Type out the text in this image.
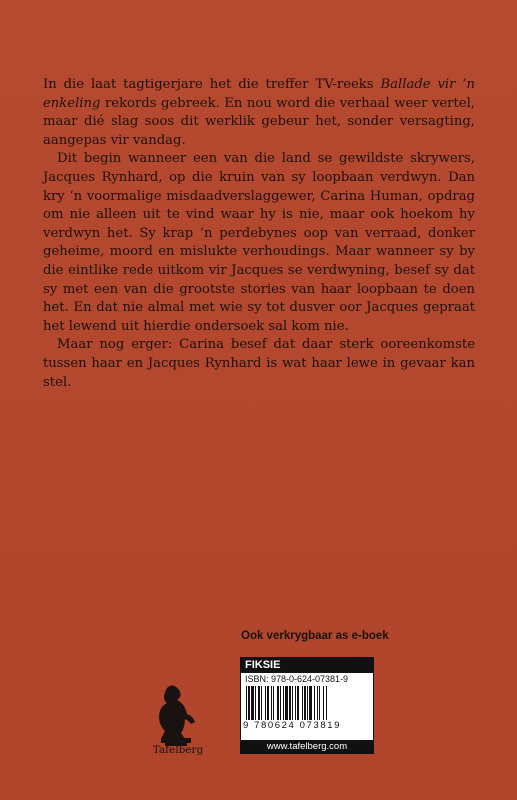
In die laat tagtigerjare het die treffer TV-reeks Ballade vir ’n enkeling rekords gebreek. En nou word die verhaal weer vertel, maar dié slag soos dit werklik gebeur het, sonder versagting, aangepas vir vandag.

Dit begin wanneer een van die land se gewildste skrywers, Jacques Rynhard, op die kruin van sy loopbaan verdwyn. Dan kry ’n voormalige misdaadverslaggewer, Carina Human, opdrag om nie alleen uit te vind waar hy is nie, maar ook hoekom hy verdwyn het. Sy krap ’n perdebynes oop van verraad, donker geheime, moord en mislukte verhoudings. Maar wanneer sy by die eintlike rede uitkom vir Jacques se verdwyning, besef sy dat sy met een van die grootste stories van haar loopbaan te doen het. En dat nie almal met wie sy tot dusver oor Jacques gepraat het lewend uit hierdie ondersoek sal kom nie.

Maar nog erger: Carina besef dat daar sterk ooreenkomste tussen haar en Jacques Rynhard is wat haar lewe in gevaar kan stel.

Ook verkrygbaar as e-boek
Tafelberg
FIKSIE
ISBN: 978-0-624-07381-9
9 780624 073819
www.tafelberg.com
